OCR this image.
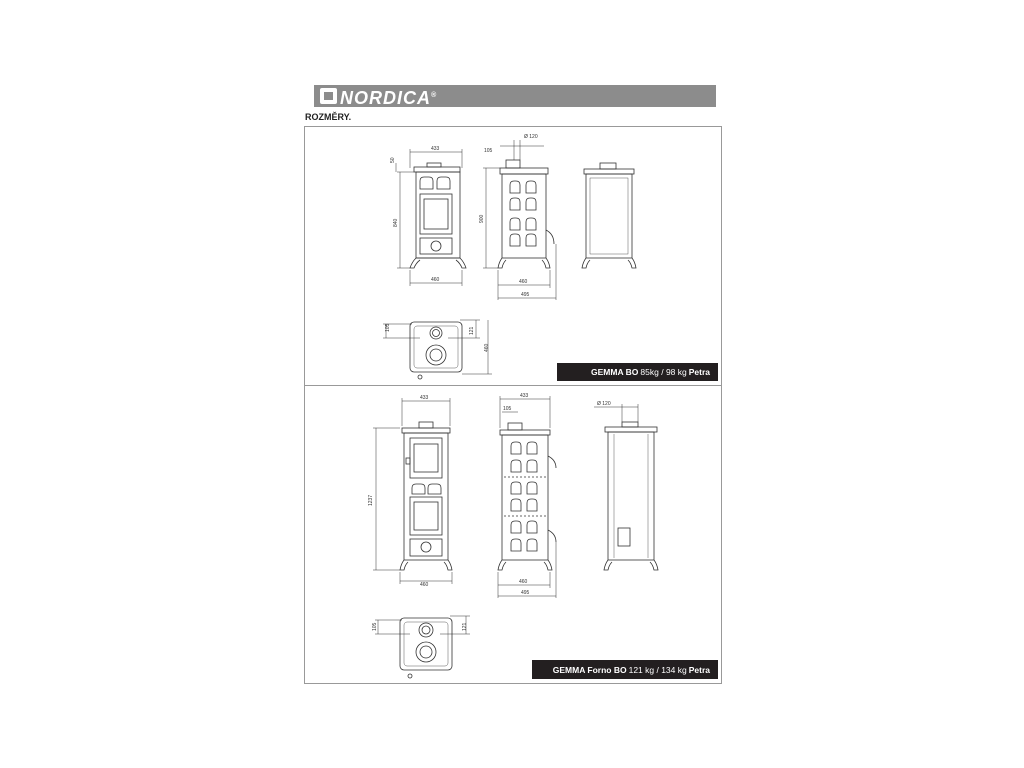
NORDICA®
ROZMĚRY.
433
50
840
460
105
Ø 120
900
460
495
105	121
460
433
1237
460
105
433
460
495
Ø 120
105	121
GEMMA BO 85kg / 98 kg Petra
GEMMA Forno BO 121 kg / 134 kg Petra
